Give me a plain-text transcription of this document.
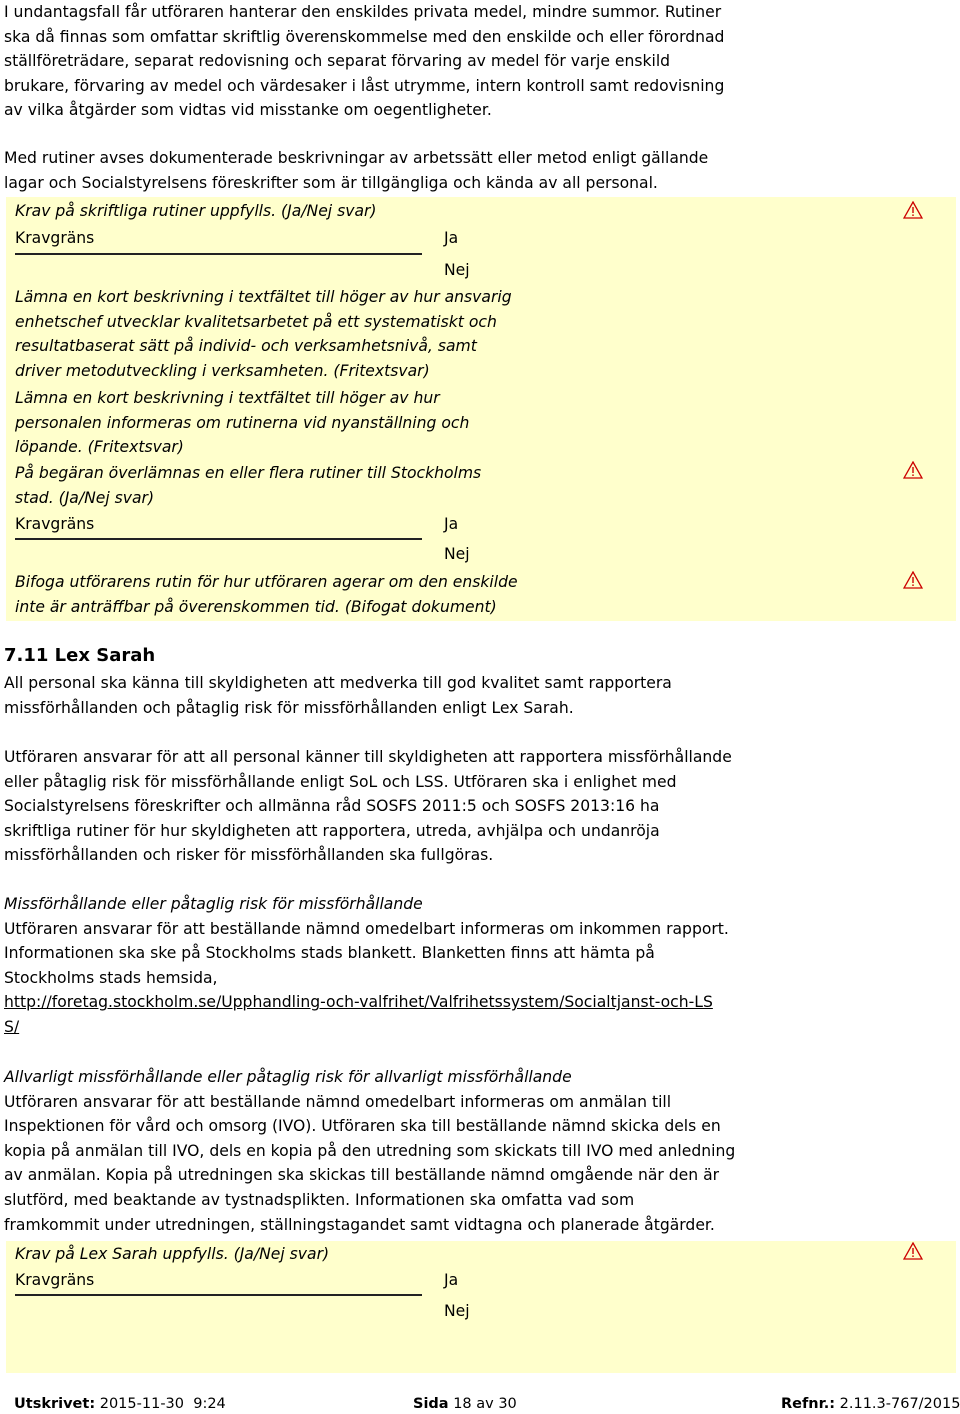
I undantagsfall får utföraren hanterar den enskildes privata medel, mindre summor. Rutiner
ska då finnas som omfattar skriftlig överenskommelse med den enskilde och eller förordnad
ställföreträdare, separat redovisning och separat förvaring av medel för varje enskild
brukare, förvaring av medel och värdesaker i låst utrymme, intern kontroll samt redovisning
av vilka åtgärder som vidtas vid misstanke om oegentligheter.
Med rutiner avses dokumenterade beskrivningar av arbetssätt eller metod enligt gällande
lagar och Socialstyrelsens föreskrifter som är tillgängliga och kända av all personal.
Krav på skriftliga rutiner uppfylls. (Ja/Nej svar)
Kravgräns	Ja
Nej
Lämna en kort beskrivning i textfältet till höger av hur ansvarig
enhetschef utvecklar kvalitetsarbetet på ett systematiskt och
resultatbaserat sätt på individ- och verksamhetsnivå, samt
driver metodutveckling i verksamheten. (Fritextsvar)
Lämna en kort beskrivning i textfältet till höger av hur
personalen informeras om rutinerna vid nyanställning och
löpande. (Fritextsvar)
På begäran överlämnas en eller flera rutiner till Stockholms
stad. (Ja/Nej svar)
Kravgräns	Ja
Nej
Bifoga utförarens rutin för hur utföraren agerar om den enskilde
inte är anträffbar på överenskommen tid. (Bifogat dokument)
7.11 Lex Sarah
All personal ska känna till skyldigheten att medverka till god kvalitet samt rapportera
missförhållanden och påtaglig risk för missförhållanden enligt Lex Sarah.
Utföraren ansvarar för att all personal känner till skyldigheten att rapportera missförhållande
eller påtaglig risk för missförhållande enligt SoL och LSS. Utföraren ska i enlighet med
Socialstyrelsens föreskrifter och allmänna råd SOSFS 2011:5 och SOSFS 2013:16 ha
skriftliga rutiner för hur skyldigheten att rapportera, utreda, avhjälpa och undanröja
missförhållanden och risker för missförhållanden ska fullgöras.
Missförhållande eller påtaglig risk för missförhållande
Utföraren ansvarar för att beställande nämnd omedelbart informeras om inkommen rapport.
Informationen ska ske på Stockholms stads blankett. Blanketten finns att hämta på
Stockholms stads hemsida,
http://foretag.stockholm.se/Upphandling-och-valfrihet/Valfrihetssystem/Socialtjanst-och-LS
S/
Allvarligt missförhållande eller påtaglig risk för allvarligt missförhållande
Utföraren ansvarar för att beställande nämnd omedelbart informeras om anmälan till
Inspektionen för vård och omsorg (IVO). Utföraren ska till beställande nämnd skicka dels en
kopia på anmälan till IVO, dels en kopia på den utredning som skickats till IVO med anledning
av anmälan. Kopia på utredningen ska skickas till beställande nämnd omgående när den är
slutförd, med beaktande av tystnadsplikten. Informationen ska omfatta vad som
framkommit under utredningen, ställningstagandet samt vidtagna och planerade åtgärder.
Krav på Lex Sarah uppfylls. (Ja/Nej svar)
Kravgräns	Ja
Nej
Utskrivet: 2015-11-30  9:24	Sida 18 av 30	Refnr.: 2.11.3-767/2015
